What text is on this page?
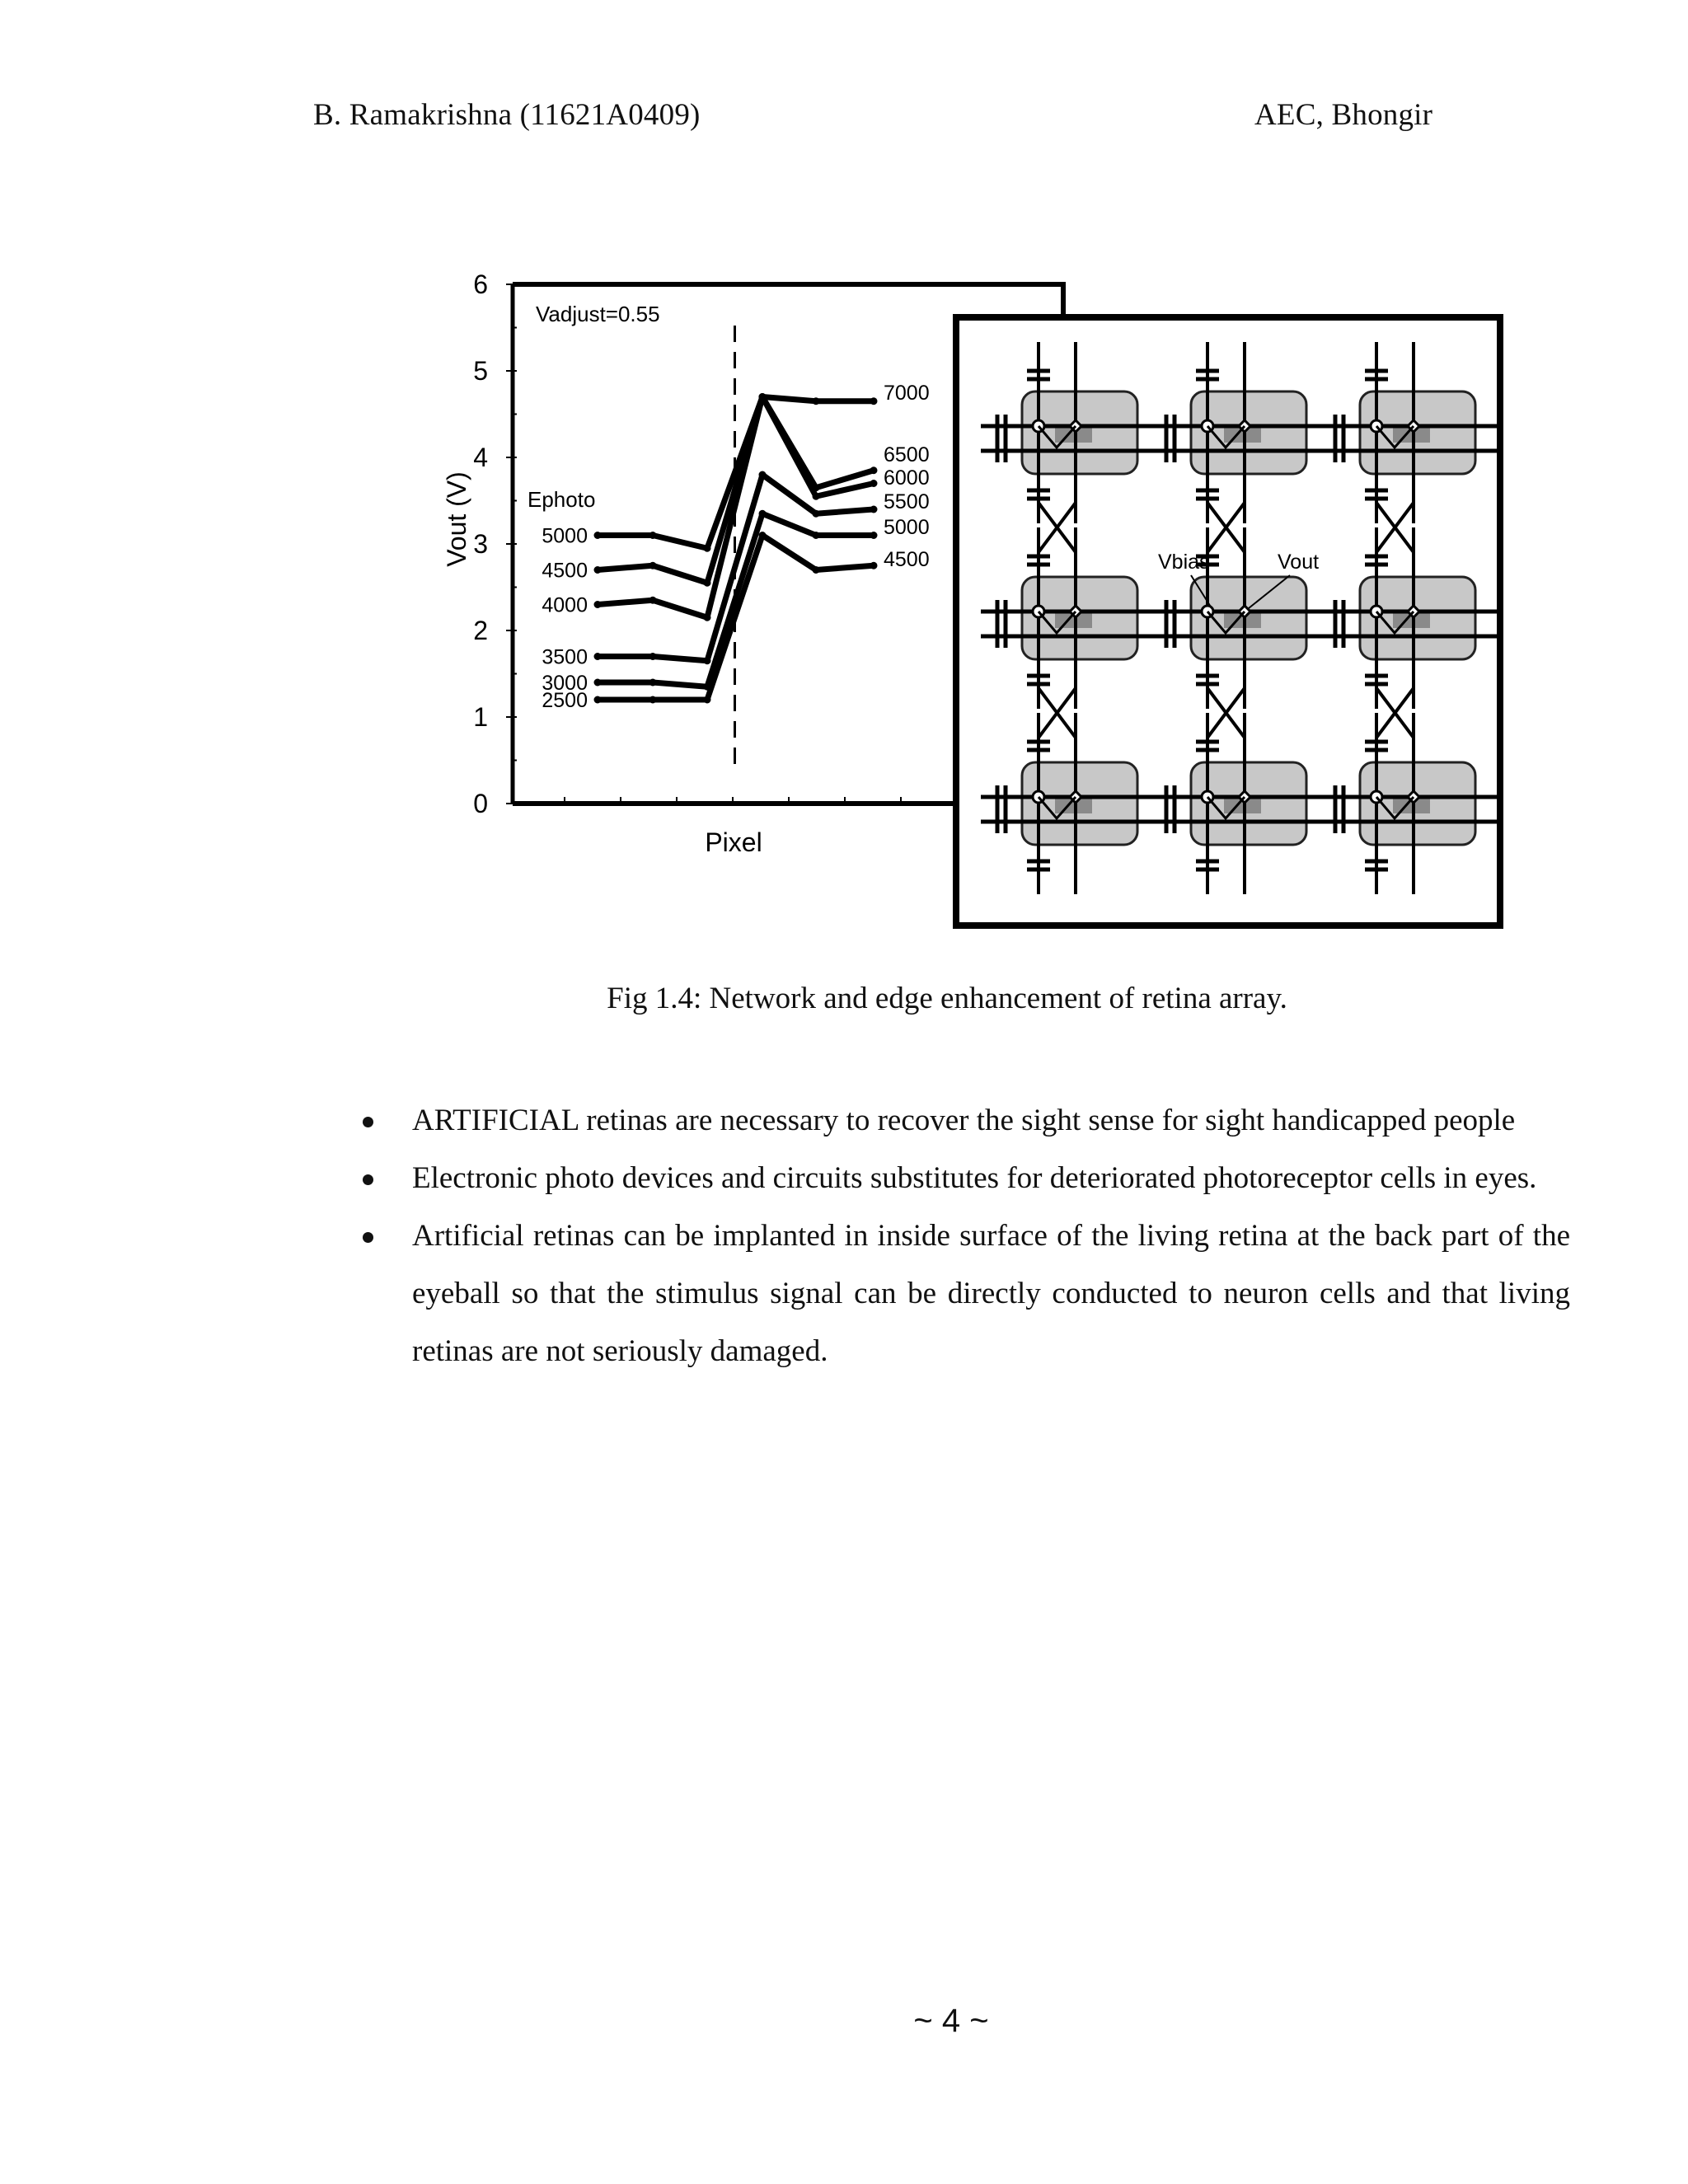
B. Ramakrishna (11621A0409)	AEC, Bhongir
0
1
2
3
4
5
6
Vout (V)
Pixel
Vadjust=0.55
Ephoto
5000
4500
4000
3500
3000
2500
7000
6500
6000
5500
5000
4500	Vbias	Vout
Fig 1.4: Network and edge enhancement of retina array.
ARTIFICIAL retinas are necessary to recover the sight sense for sight handicapped people
Electronic photo devices and circuits substitutes for deteriorated photoreceptor cells in eyes.
Artificial retinas can be implanted in inside surface of the living retina at the back part of the eyeball so that the stimulus signal can be directly conducted to neuron cells and that living retinas are not seriously damaged.
~ 4 ~
